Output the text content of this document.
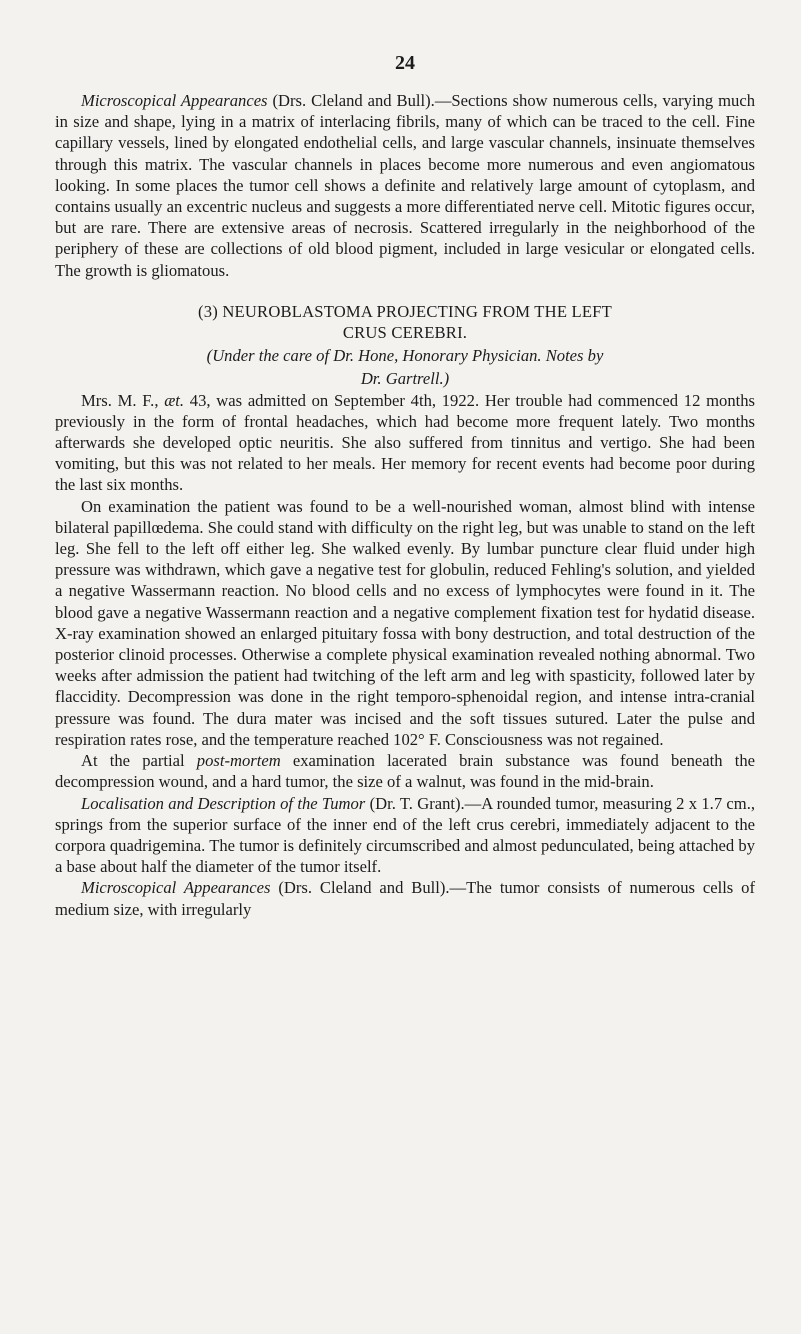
24

Microscopical Appearances (Drs. Cleland and Bull).—Sections show numerous cells, varying much in size and shape, lying in a matrix of interlacing fibrils, many of which can be traced to the cell. Fine capillary vessels, lined by elongated endothelial cells, and large vascular channels, insinuate themselves through this matrix. The vascular channels in places become more numerous and even angiomatous looking. In some places the tumor cell shows a definite and relatively large amount of cytoplasm, and contains usually an excentric nucleus and suggests a more differentiated nerve cell. Mitotic figures occur, but are rare. There are extensive areas of necrosis. Scattered irregularly in the neighborhood of the periphery of these are collections of old blood pigment, included in large vesicular or elongated cells. The growth is gliomatous.

(3) NEUROBLASTOMA PROJECTING FROM THE LEFT
CRUS CEREBRI.
(Under the care of Dr. Hone, Honorary Physician. Notes by
Dr. Gartrell.)

Mrs. M. F., æt. 43, was admitted on September 4th, 1922. Her trouble had commenced 12 months previously in the form of frontal headaches, which had become more frequent lately. Two months afterwards she developed optic neuritis. She also suffered from tinnitus and vertigo. She had been vomiting, but this was not related to her meals. Her memory for recent events had become poor during the last six months.

On examination the patient was found to be a well-nourished woman, almost blind with intense bilateral papillœdema. She could stand with difficulty on the right leg, but was unable to stand on the left leg. She fell to the left off either leg. She walked evenly. By lumbar puncture clear fluid under high pressure was withdrawn, which gave a negative test for globulin, reduced Fehling's solution, and yielded a negative Wassermann reaction. No blood cells and no excess of lymphocytes were found in it. The blood gave a negative Wassermann reaction and a negative complement fixation test for hydatid disease. X-ray examination showed an enlarged pituitary fossa with bony destruction, and total destruction of the posterior clinoid processes. Otherwise a complete physical examination revealed nothing abnormal. Two weeks after admission the patient had twitching of the left arm and leg with spasticity, followed later by flaccidity. Decompression was done in the right temporo-sphenoidal region, and intense intra-cranial pressure was found. The dura mater was incised and the soft tissues sutured. Later the pulse and respiration rates rose, and the temperature reached 102° F. Consciousness was not regained.

At the partial post-mortem examination lacerated brain substance was found beneath the decompression wound, and a hard tumor, the size of a walnut, was found in the mid-brain.

Localisation and Description of the Tumor (Dr. T. Grant).—A rounded tumor, measuring 2 x 1.7 cm., springs from the superior surface of the inner end of the left crus cerebri, immediately adjacent to the corpora quadrigemina. The tumor is definitely circumscribed and almost pedunculated, being attached by a base about half the diameter of the tumor itself.

Microscopical Appearances (Drs. Cleland and Bull).—The tumor consists of numerous cells of medium size, with irregularly
